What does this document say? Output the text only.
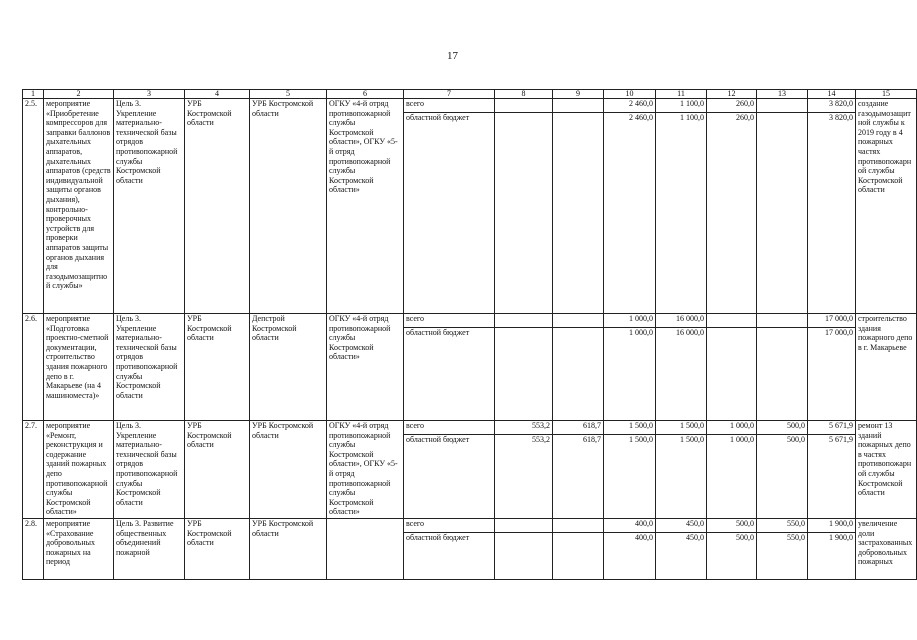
17
1	2	3	4	5	6	7	8	9	10	11	12	13	14	15
2.5.	мероприятие «Приобретение компрессоров для заправки баллонов дыхательных аппаратов, дыхательных аппаратов (средств индивидуальной защиты органов дыхания), контрольно-проверочных устройств для проверки аппаратов защиты органов дыхания для газодымозащитной службы»	Цель 3. Укрепление материально-технической базы отрядов противопожарной службы Костромской области	УРБ Костромской области	УРБ Костромской области	ОГКУ «4-й отряд противопожарной службы Костромской области», ОГКУ «5-й отряд противопожарной службы Костромской области»	всего			2 460,0	1 100,0	260,0		3 820,0	создание газодымозащитной службы к 2019 году в 4 пожарных частях противопожарной службы Костромской области
						областной бюджет			2 460,0	1 100,0	260,0		3 820,0	
2.6.	мероприятие «Подготовка проектно-сметной документации, строительство здания пожарного депо в г. Макарьеве (на 4 машиноместа)»	Цель 3. Укрепление материально-технической базы отрядов противопожарной службы Костромской области	УРБ Костромской области	Депстрой Костромской области	ОГКУ «4-й отряд противопожарной службы Костромской области»	всего			1 000,0	16 000,0			17 000,0	строительство здания пожарного депо в г. Макарьеве
						областной бюджет			1 000,0	16 000,0			17 000,0	
2.7.	мероприятие «Ремонт, реконструкция и содержание зданий пожарных депо противопожарной службы Костромской области»	Цель 3. Укрепление материально-технической базы отрядов противопожарной службы Костромской области	УРБ Костромской области	УРБ Костромской области	ОГКУ «4-й отряд противопожарной службы Костромской области», ОГКУ «5-й отряд противопожарной службы Костромской области»	всего	553,2	618,7	1 500,0	1 500,0	1 000,0	500,0	5 671,9	ремонт 13 зданий пожарных депо в частях противопожарной службы Костромской области
						областной бюджет	553,2	618,7	1 500,0	1 500,0	1 000,0	500,0	5 671,9	
2.8.	мероприятие «Страхование добровольных пожарных на период	Цель 3. Развитие общественных объединений пожарной	УРБ Костромской области	УРБ Костромской области		всего			400,0	450,0	500,0	550,0	1 900,0	увеличение доли застрахованных добровольных пожарных
						областной бюджет			400,0	450,0	500,0	550,0	1 900,0	
